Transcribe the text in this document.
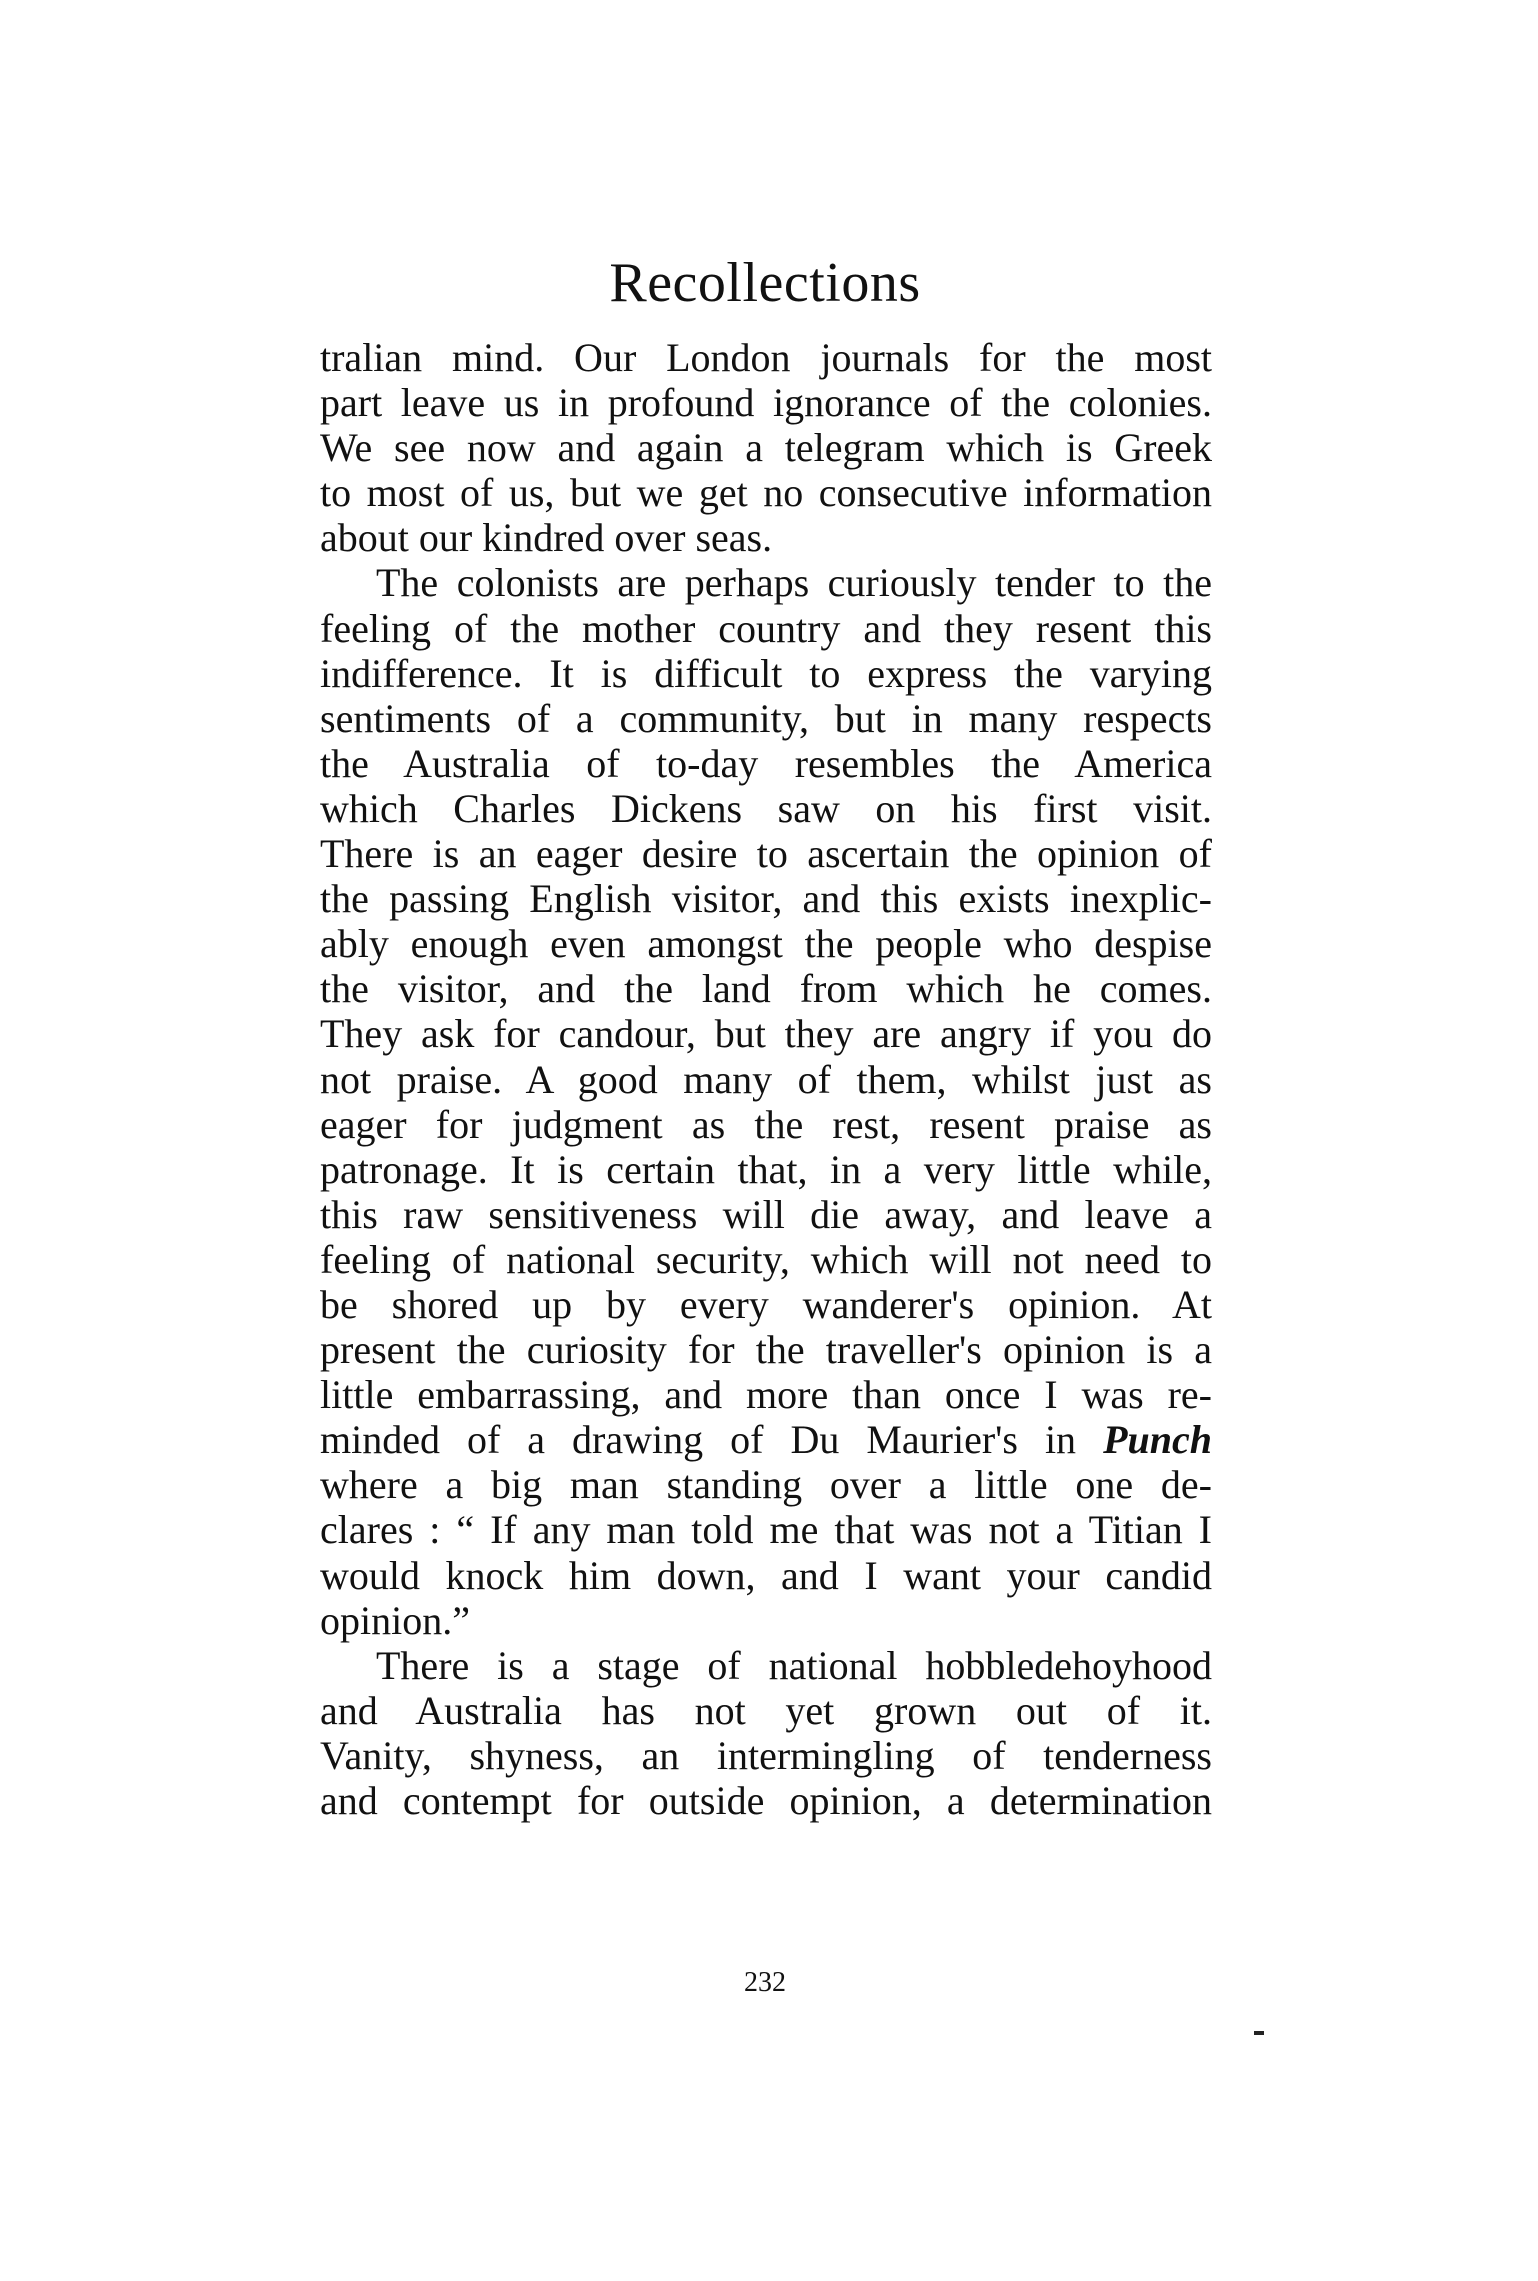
Recollections
tralian mind. Our London journals for the most
part leave us in profound ignorance of the colonies.
We see now and again a telegram which is Greek
to most of us, but we get no consecutive information
about our kindred over seas.
The colonists are perhaps curiously tender to the
feeling of the mother country and they resent this
indifference. It is difficult to express the varying
sentiments of a community, but in many respects
the Australia of to-day resembles the America
which Charles Dickens saw on his first visit.
There is an eager desire to ascertain the opinion of
the passing English visitor, and this exists inexplic-
ably enough even amongst the people who despise
the visitor, and the land from which he comes.
They ask for candour, but they are angry if you do
not praise. A good many of them, whilst just as
eager for judgment as the rest, resent praise as
patronage. It is certain that, in a very little while,
this raw sensitiveness will die away, and leave a
feeling of national security, which will not need to
be shored up by every wanderer's opinion. At
present the curiosity for the traveller's opinion is a
little embarrassing, and more than once I was re-
minded of a drawing of Du Maurier's in Punch
where a big man standing over a little one de-
clares : “ If any man told me that was not a Titian I
would knock him down, and I want your candid
opinion.”
There is a stage of national hobbledehoyhood
and Australia has not yet grown out of it.
Vanity, shyness, an intermingling of tenderness
and contempt for outside opinion, a determination
232
